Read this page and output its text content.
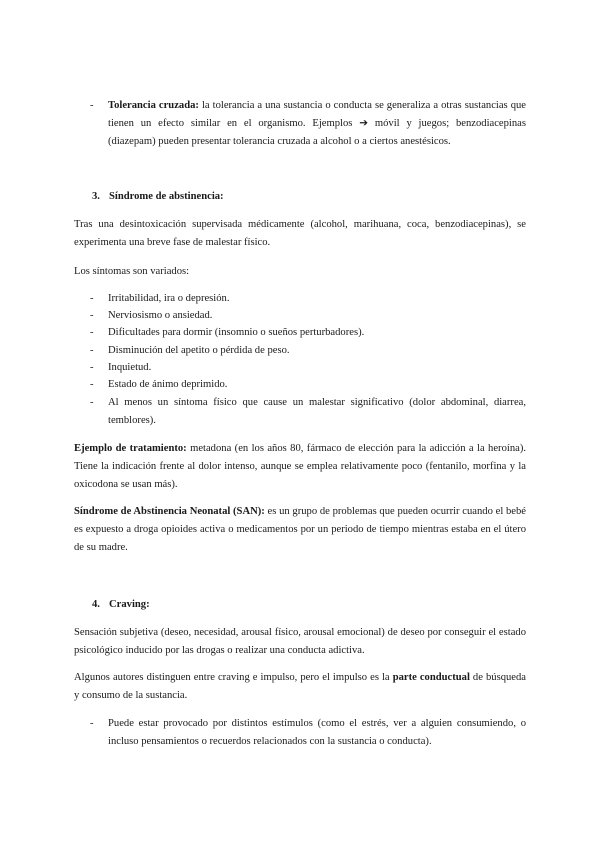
- Tolerancia cruzada: la tolerancia a una sustancia o conducta se generaliza a otras sustancias que tienen un efecto similar en el organismo. Ejemplos ➔ móvil y juegos; benzodiacepinas (diazepam) pueden presentar tolerancia cruzada a alcohol o a ciertos anestésicos.
3. Síndrome de abstinencia:

Tras una desintoxicación supervisada médicamente (alcohol, marihuana, coca, benzodiacepinas), se experimenta una breve fase de malestar físico.

Los síntomas son variados:

- Irritabilidad, ira o depresión.
- Nerviosismo o ansiedad.
- Dificultades para dormir (insomnio o sueños perturbadores).
- Disminución del apetito o pérdida de peso.
- Inquietud.
- Estado de ánimo deprimido.
- Al menos un síntoma físico que cause un malestar significativo (dolor abdominal, diarrea, temblores).

Ejemplo de tratamiento: metadona (en los años 80, fármaco de elección para la adicción a la heroína). Tiene la indicación frente al dolor intenso, aunque se emplea relativamente poco (fentanilo, morfina y la oxicodona se usan más).

Síndrome de Abstinencia Neonatal (SAN): es un grupo de problemas que pueden ocurrir cuando el bebé es expuesto a droga opioides activa o medicamentos por un periodo de tiempo mientras estaba en el útero de su madre.

4. Craving:

Sensación subjetiva (deseo, necesidad, arousal físico, arousal emocional) de deseo por conseguir el estado psicológico inducido por las drogas o realizar una conducta adictiva.

Algunos autores distinguen entre craving e impulso, pero el impulso es la parte conductual de búsqueda y consumo de la sustancia.

- Puede estar provocado por distintos estímulos (como el estrés, ver a alguien consumiendo, o incluso pensamientos o recuerdos relacionados con la sustancia o conducta).
